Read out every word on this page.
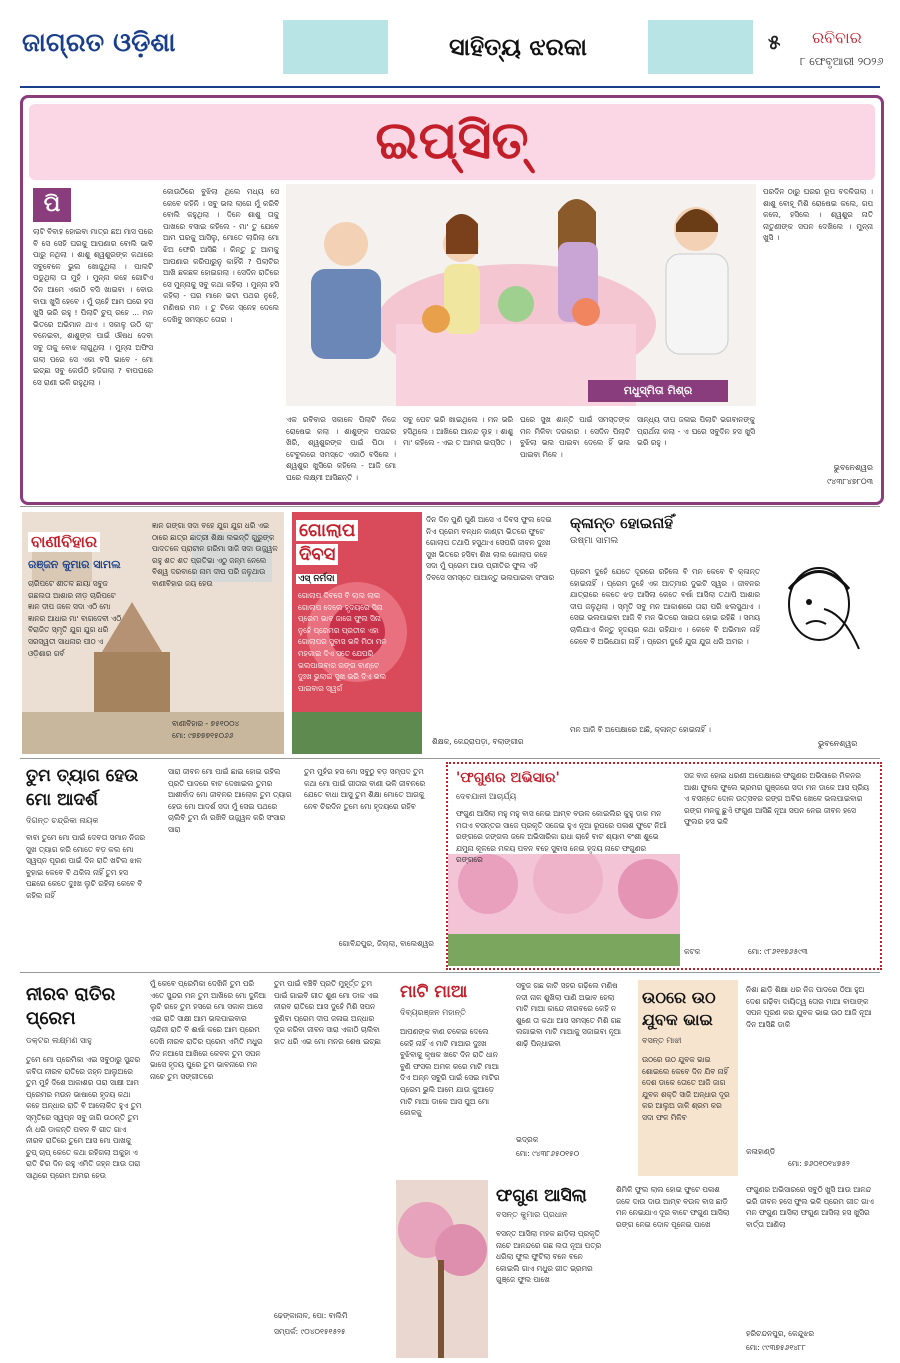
ଜାଗ୍ରତ ଓଡ଼ିଶା	ସାହିତ୍ୟ ଝରକା	୫ ରବିବାର
୮ ଫେବୃଆରୀ ୨୦୨୬
ଇପ୍‌ସିତ୍
ପି
ଲାଟି ବିବାହ ହୋଇବା ମାତ୍ର ଛଅ ମାସ ପରେ ବି ସେ ସେହି ଘରକୁ ଆପଣାର ବୋଲି ଭାବି ପାରୁ ନଥିଲା । ଶାଶୁ ଶ୍ୱଶୁରଙ୍କ କଥାରେ ସବୁବେଳେ ଭୁଲ ଖୋଜୁଥିଲା । ପାଲଟି ପଡୁଥିଲା ତା ମୁହଁ । ମୁନ୍ନା କହେ ଗୋଟିଏ ଦିନ ଆମେ ଏକାଠି ବସି ଖାଇବା । ବୋଉ ବାପା ଖୁସି ହେବେ । ମୁଁ ଚାହେଁ ଆମ ଘରେ ହସ ଖୁସି ଭରି ରହୁ ! ପିଲାଟି ଚୁପ୍ ରହେ ... ମନ ଭିତରେ ଅଭିମାନ ଥାଏ । ସକାଳୁ ଉଠି ଚା' ବନେଇବା, ଶାଶୁଙ୍କ ପାଇଁ ଔଷଧ ଦେବା ସବୁ ତାକୁ ବୋଝ ଲାଗୁଥିଲା । ମୁନ୍ନା ଅଫିସ ଗଲା ପରେ ସେ ଏକା ବସି ଭାବେ - ମୋ ଇଚ୍ଛା ସବୁ କେଉଁଠି ହଜିଗଲା ? ବାପଘରେ ସେ ରାଣୀ ଭଳି ରହୁଥିଲା ।
କୋଉଠିରେ ବୁଝିଲା ଥିଲେ ମଧ୍ୟ ସେ କେବେ କହିନି । ସବୁ ଭଲ ଲାଗେ ମୁଁ କରିବି ବୋଲି କହୁଥିଲା । ଦିନେ ଶାଶୁ ତାକୁ ପାଖରେ ବସାଇ କହିଲେ - ମା' ତୁ ଯେବେ ଆମ ଘରକୁ ଆସିଲୁ, ମୋତେ ଲାଗିଲା ମୋ ଝିଅ ଫେରି ଆସିଛି । କିନ୍ତୁ ତୁ ଆମକୁ ଆପଣାର କରିପାରୁନୁ କାହିଁକି ? ପିଲାଟିର ଆଖି ଛଳଛଳ ହୋଇଗଲା । ସେଦିନ ରାତିରେ ସେ ମୁନ୍ନାକୁ ସବୁ କଥା କହିଲା । ମୁନ୍ନା ହସି କହିଲା - ଘର ମାନେ ଇଟା ପଥର ନୁହେଁ, ମଣିଷର ମନ । ତୁ ଟିକେ ସ୍ନେହ ଦେଲେ ଦେଖିବୁ ସମସ୍ତେ ତୋର ।
ମଧୁସ୍ମିତା ମିଶ୍ର
ଏକ ରବିବାର ସକାଳେ ପିଲାଟି ନିଜେ ରୋଷେଇ କଲା । ଶାଶୁଙ୍କ ପସନ୍ଦର ଖିରି, ଶ୍ୱଶୁରଙ୍କ ପାଇଁ ପିଠା । ଟେବୁଲରେ ସମସ୍ତେ ଏକାଠି ବସିଲେ । ଶ୍ୱଶୁର ଖୁସିରେ କହିଲେ - ଆଜି ମୋ ଘରେ ଲକ୍ଷ୍ମୀ ଆସିଛନ୍ତି ।
ସବୁ ପେଟ ଭରି ଖାଇଥିଲେ । ମନ ଭରି ହସିଥିଲେ । ଆଖିରେ ଆନନ୍ଦ ଲୁହ । ଶାଶୁ ମା' କହିଲେ - ଏଇ ତ ଆମର ଇପ୍‌ସିତ ।
ଘରେ ସୁଖ ଶାନ୍ତି ପାଇଁ ସମସ୍ତଙ୍କ ମନ ମିଳିବା ଦରକାର । ସେଦିନ ପିଲାଟି ବୁଝିଲା ଭଲ ପାଇବା ଦେଲେ ହିଁ ଭଲ ପାଇବା ମିଳେ ।
ସାନ୍ଧ୍ୟ ଦୀପ ଜଳାଇ ପିଲାଟି ଭଗବାନଙ୍କୁ ପ୍ରାର୍ଥନା କଲା - ଏ ଘରେ ସବୁଦିନ ହସ ଖୁସି ଭରି ରହୁ ।
ପରଦିନ ଠାରୁ ଘରର ରୂପ ବଦଳିଗଲା । ଶାଶୁ ବୋହୂ ମିଶି ରୋଷେଇ କଲେ, ଗପ କଲେ, ହସିଲେ । ଶ୍ୱଶୁର ନାତି ନାତୁଣୀଙ୍କ ସପନ ଦେଖିଲେ । ମୁନ୍ନା ଖୁସି ।
ଭୁବନେଶ୍ୱର
୯୪୩୮୪୭୮୦୩
ବାଣୀବିହାର
ରଞ୍ଜନ କୁମାର ସାମଲ
ଚାରିପଟେ ଶୀତଳ ଛାୟା ସବୁଜ ଗଛଲତା ଆଶାର ନୀଡ଼ ଚାରିପଟେ ଜ୍ଞାନ ଦୀପ ଜଳେ ସଦା ଏଠି ମୋ ଜ୍ଞାନର ଆଧାର ମା' ବାଗଦେବୀ ଏଠି ବିରାଜିତ ସ୍ମୃତି ଯୁଗ ଯୁଗ ଧରି ସରସ୍ୱତୀ ସାଧନାର ପୀଠ ଏ ଓଡ଼ିଶାର ଗର୍ବ
ଜ୍ଞାନ ଗଙ୍ଗା ସଦା ବହେ ଯୁଗ ଯୁଗ ଧରି ଏଇ ଠାରେ ଛାତ୍ର ଛାତ୍ରୀ ଶିକ୍ଷା ଲଭନ୍ତି ଗୁରୁଙ୍କ ପାଦତଳେ ପ୍ରାଚୀନ ଗରିମା ସାଜି ସଦା ଉଜ୍ଜ୍ୱଳ ରହୁ ଶତ ଶତ ପ୍ରତିଭା ଏଠୁ ଜନ୍ମ ନେଲେ ବିଶ୍ୱ ଦରବାରେ ନାମ ଦୀପ ପରି ଜଳୁଥାଉ ବାଣୀବିହାର ଜୟ ହେଉ
ବାଣୀବିହାର - ୭୫୧୦୦୪
ମୋ: ୯୭୭୭୭୧୫୦୬୬
ଗୋଲାପ
ଦିବସ
ଏସ୍ ନର୍ମଦା
ଗୋଲାପ ଦିବସେ ବି ଲାଲ ଲାଲ ଗୋଲାପ ଦେଲେ ହୃଦୟରେ ସିନା ପ୍ରେମ ଭାବ ଜାଗେ ଫୁଲ ସିନା ନୁହେଁ ପ୍ରେମର ପ୍ରତୀକ ଏହା ଗୋଲାପର ସୁବାସ ଭଳି ମିଠା ମନ ମହକାଇ ଦିଏ ସତେ ଯେପରି ଭଲପାଇବାର ରଙ୍ଗ ବାଣ୍ଟେ ଦୁଃଖ ଭୁଲାଇ ସୁଖ ଭରି ଦିଏ ଭଲ ପାଇବାର ସ୍ୱର୍ଗ
ଦିନ ଦିନ ପୁଣି ପୁଣି ଆସେ ଏ ଦିବସ ଫୁଲ ଦେଇ ନିଏ ପ୍ରେମ ବନ୍ଧନ କାଣ୍ଟା ଭିତରେ ଫୁଟେ ଗୋଲାପ ତଥାପି ହସୁଥାଏ ସେପରି ଜୀବନ ଦୁଃଖ ସୁଖ ଭିତରେ ହସିବା ଶିଖ ଲାଲ ଗୋଲାପ କହେ ସଦା ମୁଁ ପ୍ରେମ ଆଉ ପ୍ରୀତିର ଫୁଲ ଏହି ଦିବସେ ସମସ୍ତେ ପାଆନ୍ତୁ ଭଲପାଇବା ସଂସାର
ଶିକ୍ଷକ, କେନ୍ଦ୍ରାପଡ଼ା, ବଲାଙ୍ଗୀର
କ୍ଳାନ୍ତ ହୋଇନାହିଁ
ଉଷ୍ମା ସାମଲ
ପ୍ରେମ ଦୁହେଁ ଯେତେ ଦୂରରେ ରହିଲେ ବି ମନ କେବେ ବି କ୍ଳାନ୍ତ ହୋଇନାହିଁ । ପ୍ରେମ ଦୁହେଁ ଏକ ଆତ୍ମାର ଦୁଇଟି ସ୍ୱର । ଜୀବନର ଯାତ୍ରାରେ କେତେ ଝଡ଼ ଆସିଲା କେତେ ବର୍ଷା ଆସିଲା ତଥାପି ଆଶାର ଦୀପ ଜଳୁଥିଲା । ସ୍ମୃତି ସବୁ ମନ ଆକାଶରେ ତାରା ପରି ଝଲସୁଥାଏ । ସେଇ ଭଲପାଇବା ଆଜି ବି ମନ ଭିତରେ ସାଇତା ହୋଇ ରହିଛି । ସମୟ ଚାଲିଯାଏ କିନ୍ତୁ ହୃଦୟର କଥା ରହିଯାଏ । କେବେ ବି ଅଭିମାନ ନାହିଁ କେବେ ବି ଅଭିଯୋଗ ନାହିଁ । ପ୍ରେମ ଦୁହେଁ ଯୁଗ ଯୁଗ ଧରି ଅମର ।
ମନ ଆଜି ବି ଅପେକ୍ଷାରେ ଅଛି, କ୍ଳାନ୍ତ ହୋଇନାହିଁ ।
ଭୁବନେଶ୍ୱର
ତୁମ ତ୍ୟାଗ ହେଉ
ମୋ ଆଦର୍ଶ
ଦିଗନ୍ତ ଚନ୍ଦ୍ରିକା ନାୟକ
ବାବା ତୁମେ ମୋ ପାଇଁ ଦେବତା ସମାନ ନିଜର ସୁଖ ତ୍ୟାଗ କରି ମୋତେ ବଡ଼ କଲ ମୋ ସ୍ୱପ୍ନ ପୂରଣ ପାଇଁ ଦିନ ରାତି ଖଟିଲ ଝାଳ ବୁହାଇ କେବେ ବି ଥକିଲ ନାହିଁ ତୁମ ହସ ପଛରେ କେତେ ଦୁଃଖ ଲୁଚି ରହିଲା କେବେ ବି କହିଲ ନାହିଁ
ସାରା ଜୀବନ ମୋ ପାଇଁ ଛାଇ ହୋଇ ରହିଲ ପ୍ରତି ପାଦରେ ବାଟ ଦେଖାଇଲ ତୁମର ଆଶୀର୍ବାଦ ମୋ ଜୀବନର ଆଲୋକ ତୁମ ତ୍ୟାଗ ହେଉ ମୋ ଆଦର୍ଶ ସଦା ମୁଁ ସେଇ ପଥରେ ଚାଲିବି ତୁମ ନାଁ ରଖିବି ଉଜ୍ଜ୍ୱଳ କରି ସଂସାର ସାରା
ତୁମ ମୁହଁର ହସ ମୋ ସବୁଠୁ ବଡ଼ ସମ୍ପଦ ତୁମ କଥା ମୋ ପାଇଁ ଗୀତାର ବାଣୀ ଭଳି ଜୀବନରେ ଯେତେ ବାଧା ଆସୁ ତୁମ ଶିକ୍ଷା ମୋତେ ଆଗକୁ ନେବ ଚିରଦିନ ତୁମେ ମୋ ହୃଦୟରେ ରହିବ
ଗୋବିନ୍ଦପୁର, ଜିଲ୍ଲା, ବାଲେଶ୍ୱର
'ଫଗୁଣର ଅଭିସାର'
ଦେବଯାନୀ ଆଚାର୍ଯ୍ୟ
ଫଗୁଣ ଆସିଲା ମହୁ ମହୁ ବାସ ନେଇ ଆମ୍ବ ବଉଳ କୋଇଲିର କୁହୁ ଡାକ ମନ ମତାଏ ବସନ୍ତର ସାଜେ ପ୍ରକୃତି ସଜେଇ ହୁଏ ନୂଆ ରୂପରେ ପଳାଶ ଫୁଟେ ନିଆଁ ରଙ୍ଗରେ ଜଙ୍ଗଲ ଜଳେ ଅଭିସାରିକା ରାଧା ଚାହେଁ ବାଟ ଶ୍ୟାମ ବଂଶୀ ଶୁଭେ ଯମୁନା କୂଳରେ ମଳୟ ପବନ ବହେ ସୁବାସ ନେଇ ହୃଦୟ ନାଚେ ଫଗୁଣର ରଙ୍ଗରେ
ସଜ ବାଜ ହୋଇ ଧରଣୀ ଅପେକ୍ଷାରେ ଫଗୁଣର ଅଭିସାରେ ମିଳନର ଆଶା ଫୁଲେ ଫୁଲେ ଭ୍ରମର ଗୁଞ୍ଜରେ ସଦା ମନ ଡାକେ ଆସ ପ୍ରିୟ ଏ ବସନ୍ତେ ଦୋଳ ଉତ୍ସବର ରଙ୍ଗ ଅବିର ଖେଳେ ଭଲପାଇବାର ରଙ୍ଗ ମନକୁ ଛୁଏଁ ଫଗୁଣ ଆସିଛି ନୂଆ ସପନ ନେଇ ଜୀବନ ହସେ ଫୁଲର ହସ ଭଳି
କଟକ	ମୋ: ୯୮୬୧୧୭୬୫୯୩
ନୀରବ ରାତିର
ପ୍ରେମ
ଡକ୍ଟର ଲକ୍ଷ୍ମଣ ସାହୁ
ତୁମେ ମୋ ପ୍ରେମିକା ଏଇ ସବୁଠାରୁ ସୁନ୍ଦର କବିତା ନୀରବ ରାତିରେ ଜହ୍ନ ଆଲୁଅରେ ତୁମ ମୁହଁ ଦିଶେ ଆକାଶର ତାରା ସାକ୍ଷୀ ଆମ ପ୍ରେମର ମଉନ ଭାଷାରେ ହୃଦୟ କଥା କହେ ଅନ୍ଧାର ରାତି ବି ଆଲୋକିତ ହୁଏ ତୁମ ସ୍ମୃତିରେ ସ୍ୱପ୍ନ ସବୁ ଜାଗି ଉଠନ୍ତି ତୁମ ନାଁ ଧରି ଡାକନ୍ତି ପବନ ବି ଗୀତ ଗାଏ ନୀରବ ରାତିରେ ତୁମେ ଆସ ମୋ ପାଖକୁ ଚୁପ୍ ଚାପ୍ କେତେ କଥା ରହିଗଲା ଅକୁହା ଏ ରାତି ଚିର ଦିନ ରହୁ ଏମିତି ଜହ୍ନ ଆଉ ତାରା ସାଥିରେ ପ୍ରେମ ଅମର ହେଉ
ମୁଁ କେବେ ପ୍ରେମିକା ଦେଖିନି ତୁମ ପରି ଏତେ ସୁନ୍ଦର ମନ ତୁମ ଆଖିରେ ମୋ ଦୁନିଆ ଲୁଚି ରହେ ତୁମ ହସରେ ମୋ ସକାଳ ଆସେ ଏଇ ରାତି ସାକ୍ଷୀ ଆମ ଭଲପାଇବାର ଚାନ୍ଦିନୀ ରାତି ବି ଈର୍ଷା କରେ ଆମ ପ୍ରେମ ଦେଖି ନୀରବ ରାତିର ପ୍ରେମ ଏମିତି ମଧୁର ନିଦ ନଆସେ ଆଖିରେ କେବଳ ତୁମ ସପନ ଭାସେ ହୃଦୟ ପୁରେ ତୁମ ଭାବନାରେ ମନ ନାଚେ ତୁମ ସଙ୍ଗୀତରେ
ତୁମ ପାଇଁ ବଞ୍ଚିବି ପ୍ରତି ମୁହୂର୍ତ୍ତ ତୁମ ପାଇଁ ଗାଇବି ଗୀତ ଶୁଣ ମୋ ଡାକ ଏଇ ନୀରବ ରାତିରେ ଆସ ଦୁହେଁ ମିଶି ସପନ ବୁଣିବା ପ୍ରେମ ଦୀପ ଜଳାଇ ଅନ୍ଧାର ଦୂର କରିବା ଜୀବନ ସାରା ଏକାଠି ଚାଲିବା ହାତ ଧରି ଏଇ ମୋ ମନର ଶେଷ ଇଚ୍ଛା
ଢେଙ୍କାନାଳ, ପୋ: ବାଲିମି
ସମ୍ପର୍କ: ୯୦୪୦୧୫୧୫୨୫
ମାଟି ମାଆ
ଦିବ୍ୟରଞ୍ଜନ ମହାନ୍ତି
ଆପଣଙ୍କ ବାଣ ଚଳେଇ ଦେଲେ କେହି ନାହିଁ ଏ ମାଟି ମାଆର ଦୁଃଖ ବୁଝିବାକୁ କୃଷକ ଖଟେ ଦିନ ରାତି ଧାନ ବୁଣି ଫସଲ ଅମଳ କରେ ମାଟି ମାଆ ଦିଏ ଅନ୍ନ ସବୁରି ପାଇଁ ସେଇ ମାଟିର ପ୍ରେମ ଭୁଲି ଆମେ ଯାଉ କୁଆଡ଼େ ମାଟି ମାଆ ଡାକେ ଆସ ପୁଅ ମୋ କୋଳକୁ
ସବୁଜ ଗଛ କାଟି ସହର ଗଢ଼ିଲେ ମଣିଷ ନଦୀ ନାଳ ଶୁଖିଲା ପାଣି ଅଭାବ ହେଲା ମାଟି ମାଆ କାନ୍ଦେ ନୀରବରେ କେହି ନ ଶୁଣେ ତା କଥା ଆସ ସମସ୍ତେ ମିଶି ଗଛ ଲଗାଇବା ମାଟି ମାଆକୁ ସଜାଇବା ନୂଆ ଶାଢ଼ି ପିନ୍ଧାଇବା
ଭଦ୍ରକ
ମୋ: ୯୪୩୮୬୫୦୧୫୦
ଉଠରେ ଉଠ
ଯୁବକ ଭାଇ
ବସନ୍ତ ମାଝୀ
ଉଠରେ ଉଠ ଯୁବକ ଭାଇ ଶୋଇଲେ କେବେ ଦିନ ଯିବ ନାହିଁ ଦେଶ ଡାକେ ତୋତେ ଆଜି ଜାଗ ଯୁବକ ଶକ୍ତି ସାଜି ଅନ୍ଧାର ଦୂର କର ଆଲୁଅ ଜାଳି ଶ୍ରମ କର ସଦା ଫଳ ମିଳିବ
ନିଶା ଛାଡ଼ି ଶିକ୍ଷା ଧର ନିଜ ପାଦରେ ଠିଆ ହୁଅ ଦେଶ ଗଢ଼ିବା ଦାୟିତ୍ୱ ତୋର ମାଆ ବାପାଙ୍କ ସପନ ପୂରଣ କର ଯୁବକ ଭାଇ ଉଠ ଆଜି ନୂଆ ଦିନ ଆସିଛି ଡାକି
କଳାହାଣ୍ଡି
ମୋ: ୭୬୦୧୦୧୪୭୫୨
ଫଗୁଣ ଆସିଲା
ବସନ୍ତ କୁମାର ପ୍ରଧାନ
ବସନ୍ତ ଆସିଲା ମହକ ଛାଡ଼ିଲା ପ୍ରକୃତି ନାଚେ ଆନନ୍ଦରେ ଗଛ ଲତା ନୂଆ ପତ୍ର ଧରିଲା ଫୁଲ ଫୁଟିଲା ବନେ ବନେ କୋଇଲି ଗାଏ ମଧୁର ଗୀତ ଭ୍ରମର ଗୁଞ୍ଜେ ଫୁଲ ପାଖେ
ଶିମିଳି ଫୁଲ ଲାଲ ହୋଇ ଫୁଟେ ପଳାଶ ଜଳେ ଦାଉ ଦାଉ ଆମ୍ବ ବଉଳ ବାସ ଛାଡ଼ି ମନ ନେଇଯାଏ ଦୂର ବାଟେ ଫଗୁଣ ଆସିଲା ରଙ୍ଗ ନେଇ ଦୋଳ ପୂନେଇ ପାଖେ
ଫଗୁଣର ଅଭିସାରରେ ସବୁଠି ଖୁସି ଆଉ ଆନନ୍ଦ ଭରି ଜୀବନ ହସେ ଫୁଲ ଭଳି ପ୍ରେମ ଗୀତ ଗାଏ ମନ ଫଗୁଣ ଆସିଲା ଫଗୁଣ ଆସିଲା ହସ ଖୁସିର ବାର୍ତ୍ତା ଆଣିଲା
ହରିଚନ୍ଦନପୁର, କେନ୍ଦୁଝର
ମୋ: ୯୯୩୭୫୬୧୪୮୮
